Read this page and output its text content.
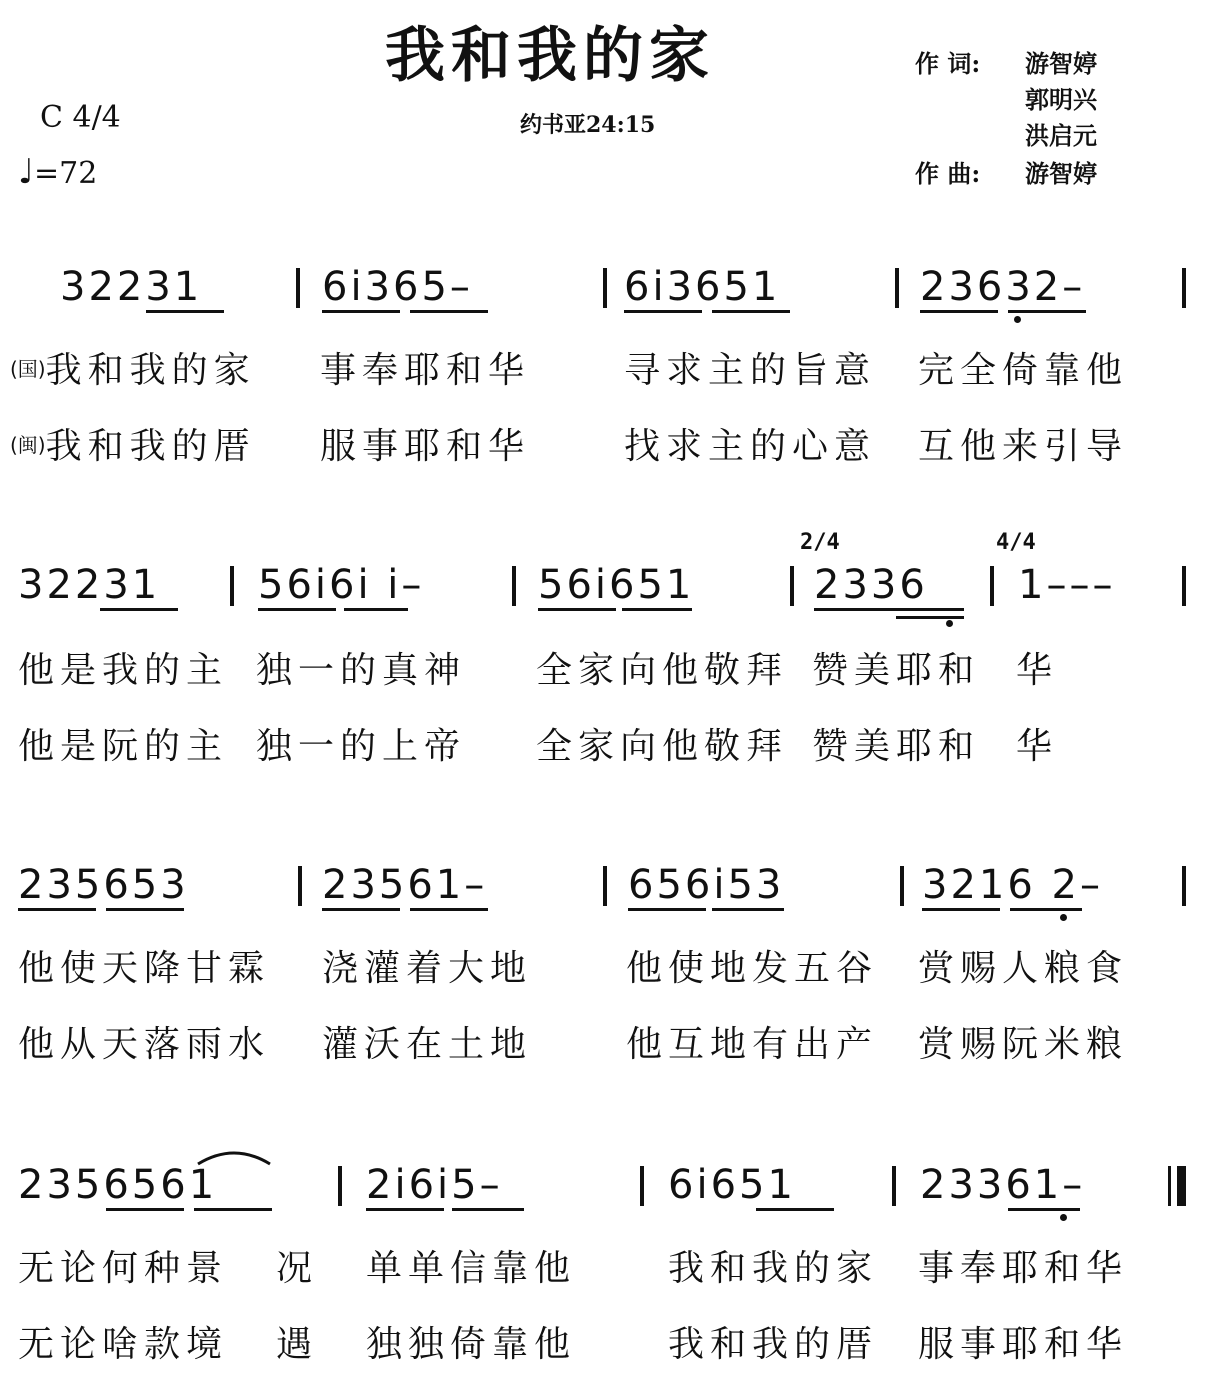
我和我的家
C 4/4
♩=72
约书亚24:15
作 词: 游智婷
郭明兴
洪启元
作 曲: 游智婷
32231	6i365–	6i3651	23632–
(国)我和我的家 事奉耶和华	寻求主的旨意 完全倚靠他
(闽)我和我的厝 服事耶和华	找求主的心意 互他来引导
2/4	4/4
32231 56i6i i–	56i651	2336 1–––
他是我的主 独一的真神 全家向他敬拜 赞美耶和 华
他是阮的主 独一的上帝 全家向他敬拜 赞美耶和 华
235653	23561–	656i53	3216 2–
他使天降甘霖 浇灌着大地	他使地发五谷 赏赐人粮食
他从天落雨水 灌沃在土地	他互地有出产 赏赐阮米粮
2356561	2i6i5–	6i651	23361–
无论何种景 况 单单信靠他	我和我的家 事奉耶和华
无论啥款境 遇 独独倚靠他	我和我的厝 服事耶和华
